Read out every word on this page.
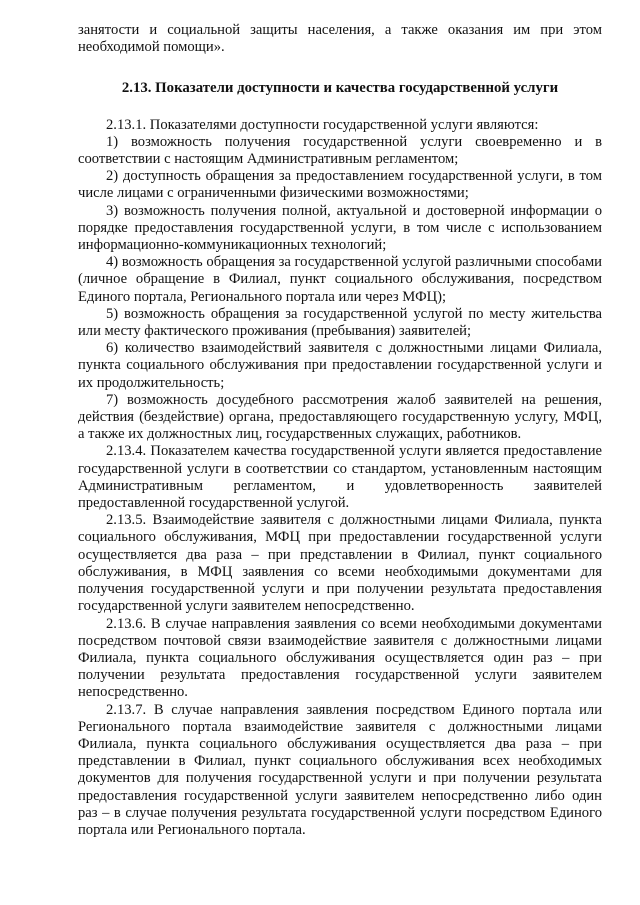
занятости и социальной защиты населения, а также оказания им при этом необходимой помощи».

2.13. Показатели доступности и качества государственной услуги

2.13.1. Показателями доступности государственной услуги являются:

1) возможность получения государственной услуги своевременно и в соответствии с настоящим Административным регламентом;

2) доступность обращения за предоставлением государственной услуги, в том числе лицами с ограниченными физическими возможностями;

3) возможность получения полной, актуальной и достоверной информации о порядке предоставления государственной услуги, в том числе с использованием информационно-коммуникационных технологий;

4) возможность обращения за государственной услугой различными способами (личное обращение в Филиал, пункт социального обслуживания, посредством Единого портала, Регионального портала или через МФЦ);

5) возможность обращения за государственной услугой по месту жительства или месту фактического проживания (пребывания) заявителей;

6) количество взаимодействий заявителя с должностными лицами Филиала, пункта социального обслуживания при предоставлении государственной услуги и их продолжительность;

7) возможность досудебного рассмотрения жалоб заявителей на решения, действия (бездействие) органа, предоставляющего государственную услугу, МФЦ, а также их должностных лиц, государственных служащих, работников.

2.13.4. Показателем качества государственной услуги является предоставление государственной услуги в соответствии со стандартом, установленным настоящим Административным регламентом, и удовлетворенность заявителей предоставленной государственной услугой.

2.13.5. Взаимодействие заявителя с должностными лицами Филиала, пункта социального обслуживания, МФЦ при предоставлении государственной услуги осуществляется два раза – при представлении в Филиал, пункт социального обслуживания, в МФЦ заявления со всеми необходимыми документами для получения государственной услуги и при получении результата предоставления государственной услуги заявителем непосредственно.

2.13.6. В случае направления заявления со всеми необходимыми документами посредством почтовой связи взаимодействие заявителя с должностными лицами Филиала, пункта социального обслуживания осуществляется один раз – при получении результата предоставления государственной услуги заявителем непосредственно.

2.13.7. В случае направления заявления посредством Единого портала или Регионального портала взаимодействие заявителя с должностными лицами Филиала, пункта социального обслуживания осуществляется два раза – при представлении в Филиал, пункт социального обслуживания всех необходимых документов для получения государственной услуги и при получении результата предоставления государственной услуги заявителем непосредственно либо один раз – в случае получения результата государственной услуги посредством Единого портала или Регионального портала.
